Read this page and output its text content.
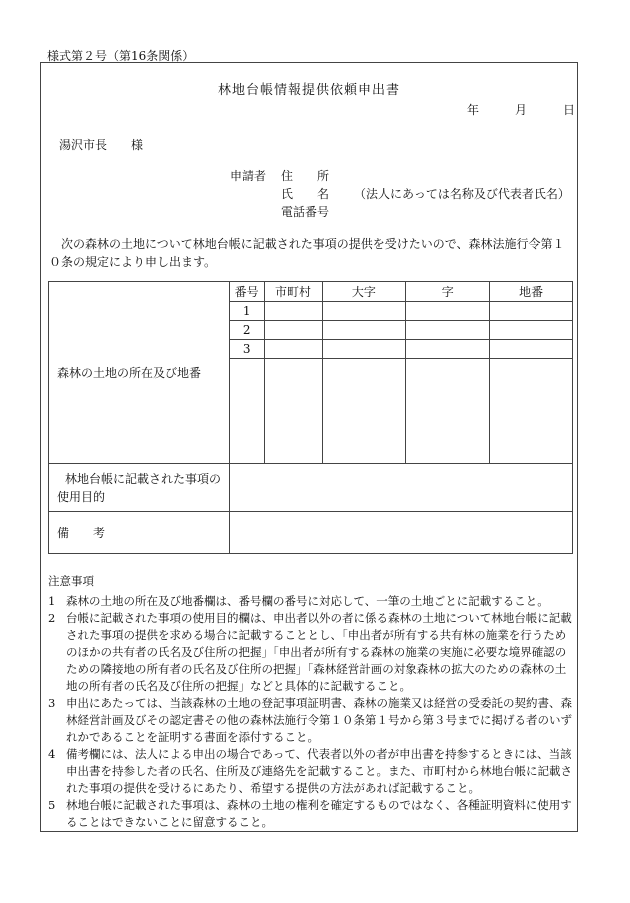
様式第２号（第16条関係）
林地台帳情報提供依頼申出書
年	月	日
湯沢市長　　様
申請者 住　　所
氏　　名 （法人にあっては名称及び代表者氏名）
電話番号
次の森林の土地について林地台帳に記載された事項の提供を受けたいので、森林法施行令第１０条の規定により申し出ます。
森林の土地の所在及び地番	番号	市町村	大字	字	地番
	1				
	2				
	3				

林地台帳に記載された事項の使用目的					
備　　考					
注意事項
1 森林の土地の所在及び地番欄は、番号欄の番号に対応して、一筆の土地ごとに記載すること。
2 台帳に記載された事項の使用目的欄は、申出者以外の者に係る森林の土地について林地台帳に記載された事項の提供を求める場合に記載することとし、「申出者が所有する共有林の施業を行うためのほかの共有者の氏名及び住所の把握」「申出者が所有する森林の施業の実施に必要な境界確認のための隣接地の所有者の氏名及び住所の把握」「森林経営計画の対象森林の拡大のための森林の土地の所有者の氏名及び住所の把握」などと具体的に記載すること。
3 申出にあたっては、当該森林の土地の登記事項証明書、森林の施業又は経営の受委託の契約書、森林経営計画及びその認定書その他の森林法施行令第１０条第１号から第３号までに掲げる者のいずれかであることを証明する書面を添付すること。
4 備考欄には、法人による申出の場合であって、代表者以外の者が申出書を持参するときには、当該申出書を持参した者の氏名、住所及び連絡先を記載すること。また、市町村から林地台帳に記載された事項の提供を受けるにあたり、希望する提供の方法があれば記載すること。
5 林地台帳に記載された事項は、森林の土地の権利を確定するものではなく、各種証明資料に使用することはできないことに留意すること。
